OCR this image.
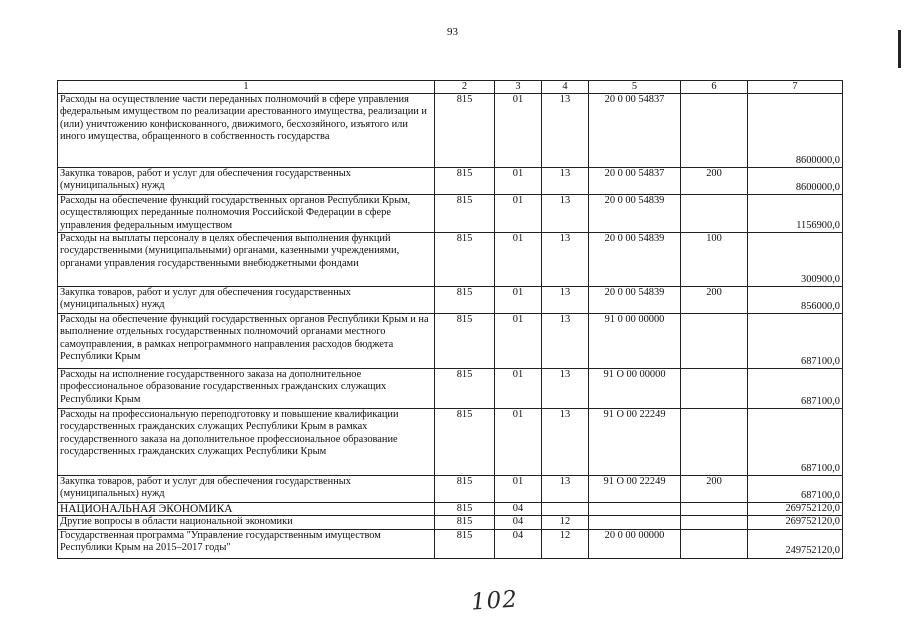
93
1	2	3	4	5	6	7
Расходы на осуществление части переданных полномочий в сфере управления федеральным имуществом по реализации арестованного имущества, реализации и (или) уничтожению конфискованного, движимого, бесхозяйного, изъятого или иного имущества, обращенного в собственность государства	815	01	13	20 0 00 54837		8600000,0
Закупка товаров, работ и услуг для обеспечения государственных (муниципальных) нужд	815	01	13	20 0 00 54837	200	8600000,0
Расходы на обеспечение функций государственных органов Республики Крым, осуществляющих переданные полномочия Российской Федерации в сфере управления федеральным имуществом	815	01	13	20 0 00 54839		1156900,0
Расходы на выплаты персоналу в целях обеспечения выполнения функций государственными (муниципальными) органами, казенными учреждениями, органами управления государственными внебюджетными фондами	815	01	13	20 0 00 54839	100	300900,0
Закупка товаров, работ и услуг для обеспечения государственных (муниципальных) нужд	815	01	13	20 0 00 54839	200	856000,0
Расходы на обеспечение функций государственных органов Республики Крым и на выполнение отдельных государственных полномочий органами местного самоуправления, в рамках непрограммного направления расходов бюджета Республики Крым	815	01	13	91 0 00 00000		687100,0
Расходы на исполнение государственного заказа на дополнительное профессиональное образование государственных гражданских служащих Республики Крым	815	01	13	91 О 00 00000		687100,0
Расходы на профессиональную переподготовку и повышение квалификации государственных гражданских служащих Республики Крым в рамках государственного заказа на дополнительное профессиональное образование государственных гражданских служащих Республики Крым	815	01	13	91 О 00 22249		687100,0
Закупка товаров, работ и услуг для обеспечения государственных (муниципальных) нужд	815	01	13	91 О 00 22249	200	687100,0
НАЦИОНАЛЬНАЯ ЭКОНОМИКА	815	04				269752120,0
Другие вопросы в области национальной экономики	815	04	12			269752120,0
Государственная программа "Управление государственным имуществом Республики Крым на 2015–2017 годы"	815	04	12	20 0 00 00000		249752120,0
102
